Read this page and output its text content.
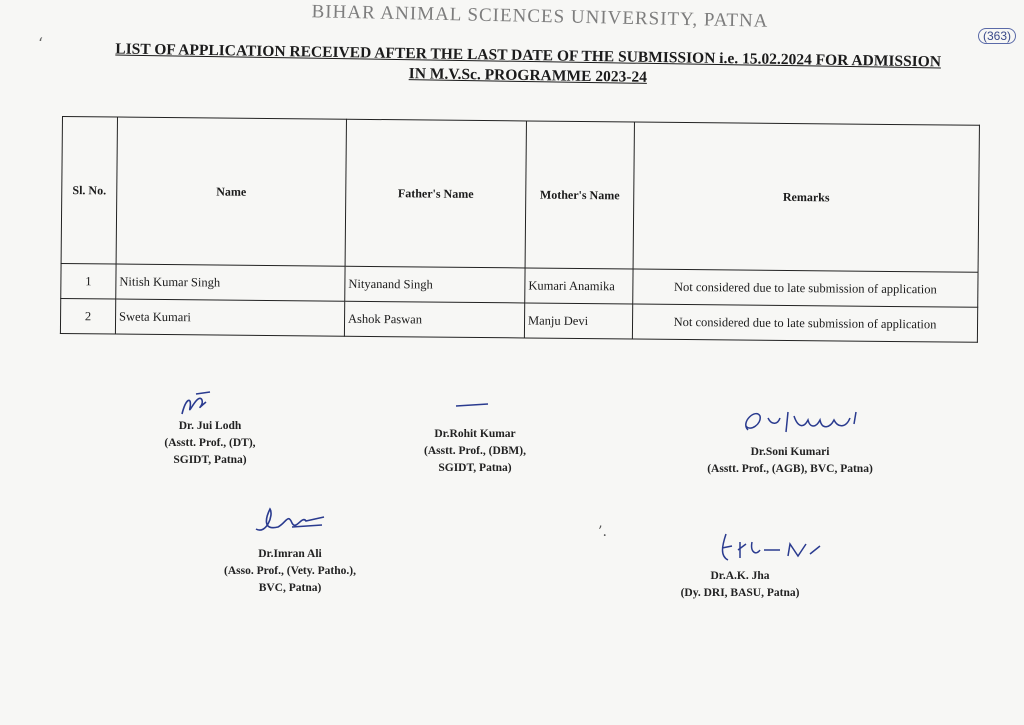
‘
BIHAR ANIMAL SCIENCES UNIVERSITY, PATNA
(363)
LIST OF APPLICATION RECEIVED AFTER THE LAST DATE OF THE SUBMISSION i.e. 15.02.2024 FOR ADMISSION
IN M.V.Sc. PROGRAMME 2023-24
Sl. No.	Name	Father's Name	Mother's Name	Remarks
1	Nitish Kumar Singh	Nityanand Singh	Kumari Anamika	Not considered due to late submission of application
2	Sweta Kumari	Ashok Paswan	Manju Devi	Not considered due to late submission of application
’.
Dr. Jui Lodh
(Asstt. Prof., (DT),
SGIDT, Patna)
Dr.Rohit Kumar
(Asstt. Prof., (DBM),
SGIDT, Patna)
Dr.Soni Kumari
(Asstt. Prof., (AGB), BVC, Patna)
Dr.Imran Ali
(Asso. Prof., (Vety. Patho.),
BVC, Patna)
Dr.A.K. Jha
(Dy. DRI, BASU, Patna)
